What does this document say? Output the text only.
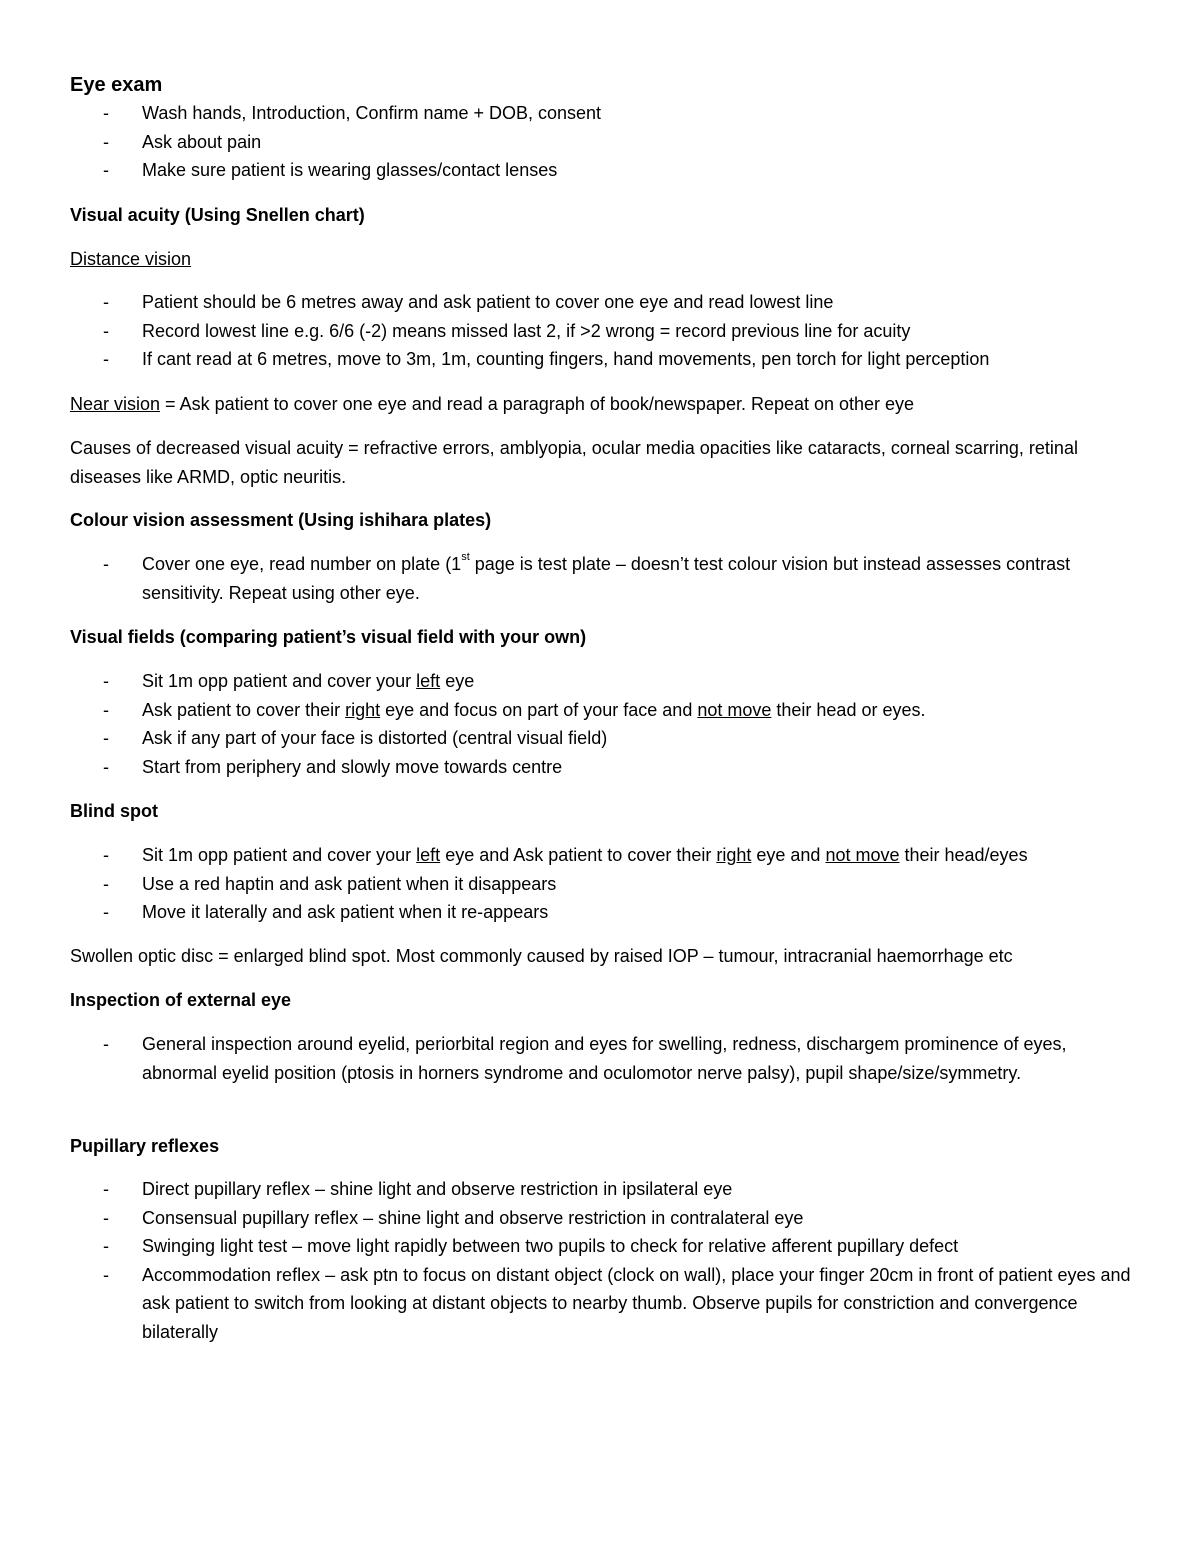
Eye exam
- Wash hands, Introduction, Confirm name + DOB, consent
- Ask about pain
- Make sure patient is wearing glasses/contact lenses

Visual acuity (Using Snellen chart)

Distance vision

- Patient should be 6 metres away and ask patient to cover one eye and read lowest line
- Record lowest line e.g. 6/6 (-2) means missed last 2, if >2 wrong = record previous line for acuity
- If cant read at 6 metres, move to 3m, 1m, counting fingers, hand movements, pen torch for light perception

Near vision = Ask patient to cover one eye and read a paragraph of book/newspaper. Repeat on other eye

Causes of decreased visual acuity = refractive errors, amblyopia, ocular media opacities like cataracts, corneal scarring, retinal diseases like ARMD, optic neuritis.

Colour vision assessment (Using ishihara plates)

- Cover one eye, read number on plate (1st page is test plate – doesn’t test colour vision but instead assesses contrast sensitivity. Repeat using other eye.

Visual fields (comparing patient’s visual field with your own)

- Sit 1m opp patient and cover your left eye
- Ask patient to cover their right eye and focus on part of your face and not move their head or eyes.
- Ask if any part of your face is distorted (central visual field)
- Start from periphery and slowly move towards centre

Blind spot

- Sit 1m opp patient and cover your left eye and Ask patient to cover their right eye and not move their head/eyes
- Use a red haptin and ask patient when it disappears
- Move it laterally and ask patient when it re-appears

Swollen optic disc = enlarged blind spot. Most commonly caused by raised IOP – tumour, intracranial haemorrhage etc

Inspection of external eye

- General inspection around eyelid, periorbital region and eyes for swelling, redness, dischargem prominence of eyes, abnormal eyelid position (ptosis in horners syndrome and oculomotor nerve palsy), pupil shape/size/symmetry.

Pupillary reflexes

- Direct pupillary reflex – shine light and observe restriction in ipsilateral eye
- Consensual pupillary reflex – shine light and observe restriction in contralateral eye
- Swinging light test – move light rapidly between two pupils to check for relative afferent pupillary defect
- Accommodation reflex – ask ptn to focus on distant object (clock on wall), place your finger 20cm in front of patient eyes and ask patient to switch from looking at distant objects to nearby thumb. Observe pupils for constriction and convergence bilaterally
